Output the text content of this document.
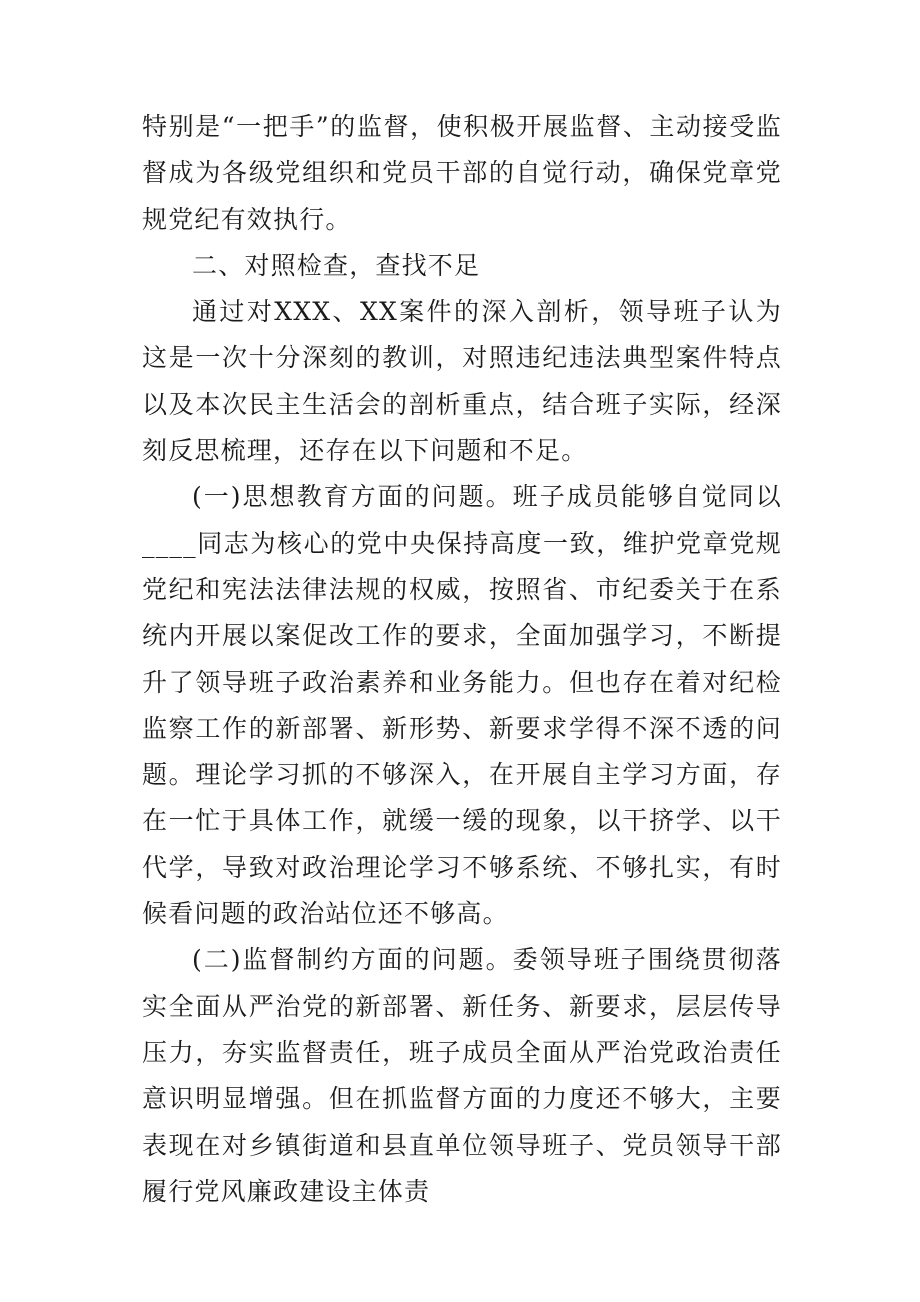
特别是“一把手”的监督，使积极开展监督、主动接受监督成为各级党组织和党员干部的自觉行动，确保党章党规党纪有效执行。

二、对照检查，查找不足

通过对XXX、XX案件的深入剖析，领导班子认为这是一次十分深刻的教训，对照违纪违法典型案件特点以及本次民主生活会的剖析重点，结合班子实际，经深刻反思梳理，还存在以下问题和不足。

(一)思想教育方面的问题。班子成员能够自觉同以____同志为核心的党中央保持高度一致，维护党章党规党纪和宪法法律法规的权威，按照省、市纪委关于在系统内开展以案促改工作的要求，全面加强学习，不断提升了领导班子政治素养和业务能力。但也存在着对纪检监察工作的新部署、新形势、新要求学得不深不透的问题。理论学习抓的不够深入，在开展自主学习方面，存在一忙于具体工作，就缓一缓的现象，以干挤学、以干代学，导致对政治理论学习不够系统、不够扎实，有时候看问题的政治站位还不够高。

(二)监督制约方面的问题。委领导班子围绕贯彻落实全面从严治党的新部署、新任务、新要求，层层传导压力，夯实监督责任，班子成员全面从严治党政治责任意识明显增强。但在抓监督方面的力度还不够大，主要表现在对乡镇街道和县直单位领导班子、党员领导干部履行党风廉政建设主体责
